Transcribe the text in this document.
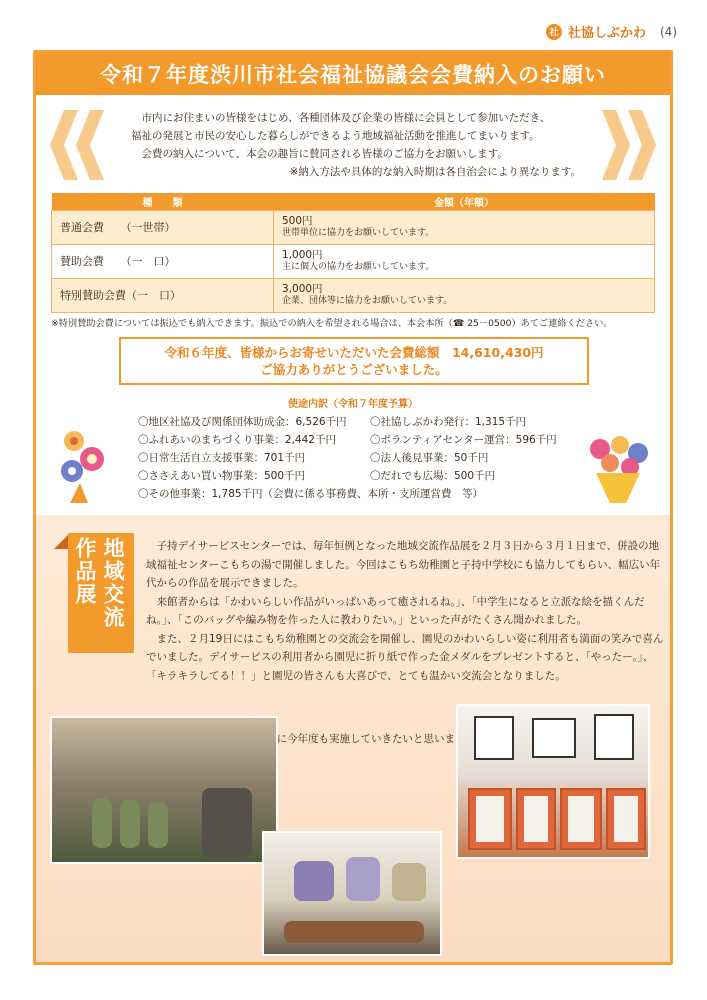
社 社協しぶかわ (4)
令和７年度渋川市社会福祉協議会会費納入のお願い

市内にお住まいの皆様をはじめ、各種団体及び企業の皆様に会員として参加いただき、

福祉の発展と市民の安心した暮らしができるよう地域福祉活動を推進してまいります。

会費の納入について、本会の趣旨に賛同される皆様のご協力をお願いします。

※納入方法や具体的な納入時期は各自治会により異なります。

種　　類	金額（年額）
普通会費　　（一世帯）	500円
世帯単位に協力をお願いしています。

賛助会費　　（一　口）	1,000円
主に個人の協力をお願いしています。

特別賛助会費（一　口）	3,000円
企業、団体等に協力をお願いしています。
※特別賛助会費については振込でも納入できます。振込での納入を希望される場合は、本会本所（☎ 25－0500）あてご連絡ください。
令和６年度、皆様からお寄せいただいた会費総額　14,610,430円
ご協力ありがとうございました。
使途内訳（令和７年度予算）
〇地区社協及び関係団体助成金：6,526千円	〇社協しぶかわ発行：1,315千円
〇ふれあいのまちづくり事業：2,442千円	〇ボランティアセンター運営：596千円
〇日常生活自立支援事業：701千円	〇法人後見事業：50千円
〇ささえあい買い物事業：500千円	〇だれでも広場：500千円
〇その他事業：1,785千円（会費に係る事務費、本所・支所運営費　等）
地域交流
作品展	子持デイサービスセンターでは、毎年恒例となった地域交流作品展を２月３日から３月１日まで、併設の地域福祉センターこもちの湯で開催しました。今回はこもち幼稚園と子持中学校にも協力してもらい、幅広い年代からの作品を展示できました。

来館者からは「かわいらしい作品がいっぱいあって癒されるね。」、「中学生になると立派な絵を描くんだね。」、「このバッグや編み物を作った人に教わりたい。」といった声がたくさん聞かれました。

また、２月19日にはこもち幼稚園との交流会を開催し、園児のかわいらしい姿に利用者も満面の笑みで喜んでいました。デイサービスの利用者から園児に折り紙で作った金メダルをプレゼントすると、「やったー。」、「キラキラしてる！！」と園児の皆さんも大喜びで、とても温かい交流会となりました。
